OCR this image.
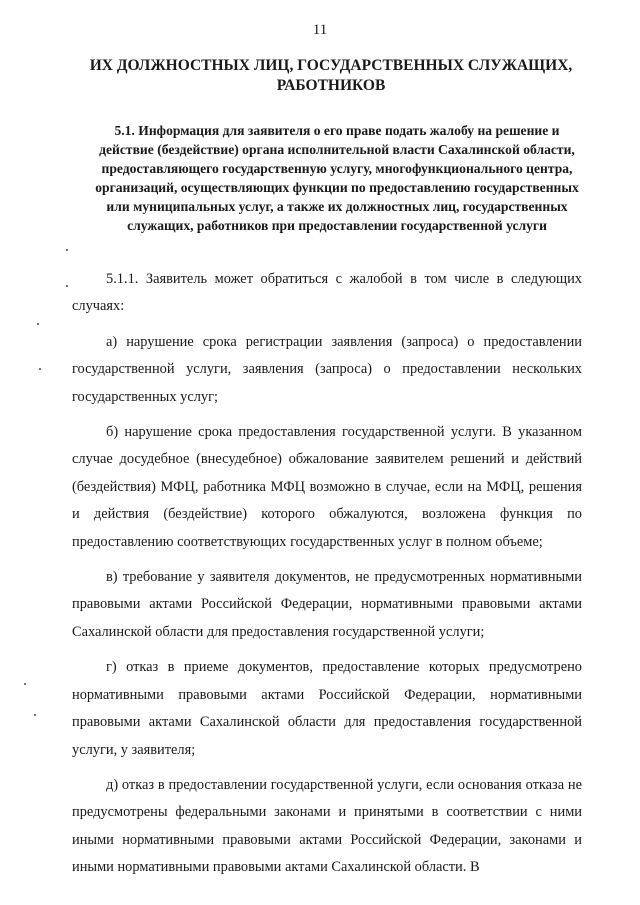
11
ИХ ДОЛЖНОСТНЫХ ЛИЦ, ГОСУДАРСТВЕННЫХ СЛУЖАЩИХ, РАБОТНИКОВ
5.1. Информация для заявителя о его праве подать жалобу на решение и действие (бездействие) органа исполнительной власти Сахалинской области, предоставляющего государственную услугу, многофункционального центра, организаций, осуществляющих функции по предоставлению государственных или муниципальных услуг, а также их должностных лиц, государственных служащих, работников при предоставлении государственной услуги

5.1.1. Заявитель может обратиться с жалобой в том числе в следующих случаях:

а) нарушение срока регистрации заявления (запроса) о предоставлении государственной услуги, заявления (запроса) о предоставлении нескольких государственных услуг;

б) нарушение срока предоставления государственной услуги. В указанном случае досудебное (внесудебное) обжалование заявителем решений и действий (бездействия) МФЦ, работника МФЦ возможно в случае, если на МФЦ, решения и действия (бездействие) которого обжалуются, возложена функция по предоставлению соответствующих государственных услуг в полном объеме;

в) требование у заявителя документов, не предусмотренных нормативными правовыми актами Российской Федерации, нормативными правовыми актами Сахалинской области для предоставления государственной услуги;

г) отказ в приеме документов, предоставление которых предусмотрено нормативными правовыми актами Российской Федерации, нормативными правовыми актами Сахалинской области для предоставления государственной услуги, у заявителя;

д) отказ в предоставлении государственной услуги, если основания отказа не предусмотрены федеральными законами и принятыми в соответствии с ними иными нормативными правовыми актами Российской Федерации, законами и иными нормативными правовыми актами Сахалинской области. В
